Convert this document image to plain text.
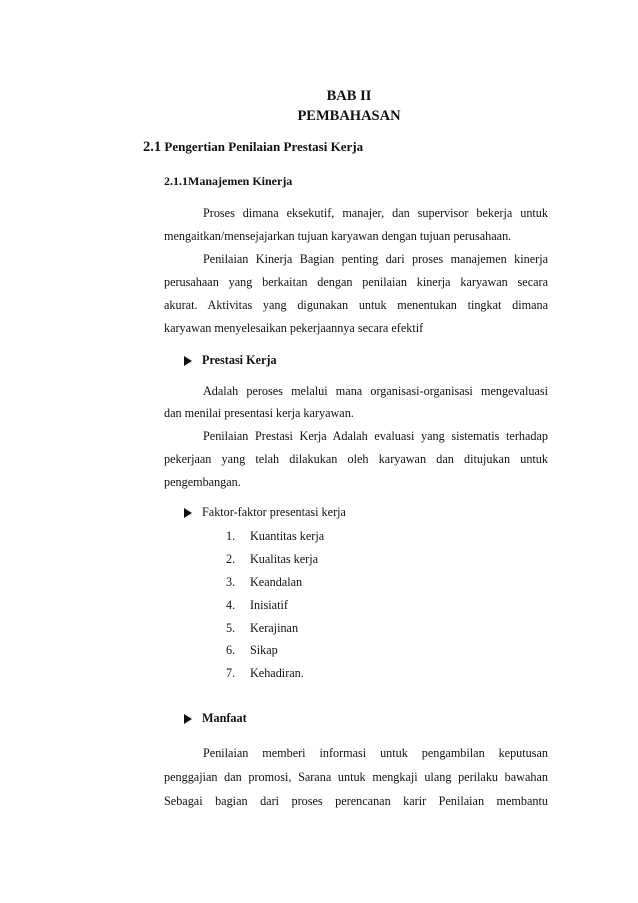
BAB II
PEMBAHASAN
2.1 Pengertian Penilaian Prestasi Kerja
2.1.1Manajemen Kinerja
Proses dimana eksekutif, manajer, dan supervisor bekerja untuk
mengaitkan/mensejajarkan tujuan karyawan dengan tujuan perusahaan.
Penilaian Kinerja Bagian penting dari proses manajemen kinerja
perusahaan yang berkaitan dengan penilaian kinerja karyawan secara
akurat. Aktivitas yang digunakan untuk menentukan tingkat dimana
karyawan menyelesaikan pekerjaannya secara efektif
Prestasi Kerja
Adalah peroses melalui mana organisasi-organisasi mengevaluasi
dan menilai presentasi kerja karyawan.
Penilaian Prestasi Kerja Adalah evaluasi yang sistematis terhadap
pekerjaan yang telah dilakukan oleh karyawan dan ditujukan untuk
pengembangan.
Faktor-faktor presentasi kerja
1. Kuantitas kerja
2. Kualitas kerja
3. Keandalan
4. Inisiatif
5. Kerajinan
6. Sikap
7. Kehadiran.
Manfaat
Penilaian memberi informasi untuk pengambilan keputusan
penggajian dan promosi, Sarana untuk mengkaji ulang perilaku bawahan
Sebagai bagian dari proses perencanan karir Penilaian membantu
